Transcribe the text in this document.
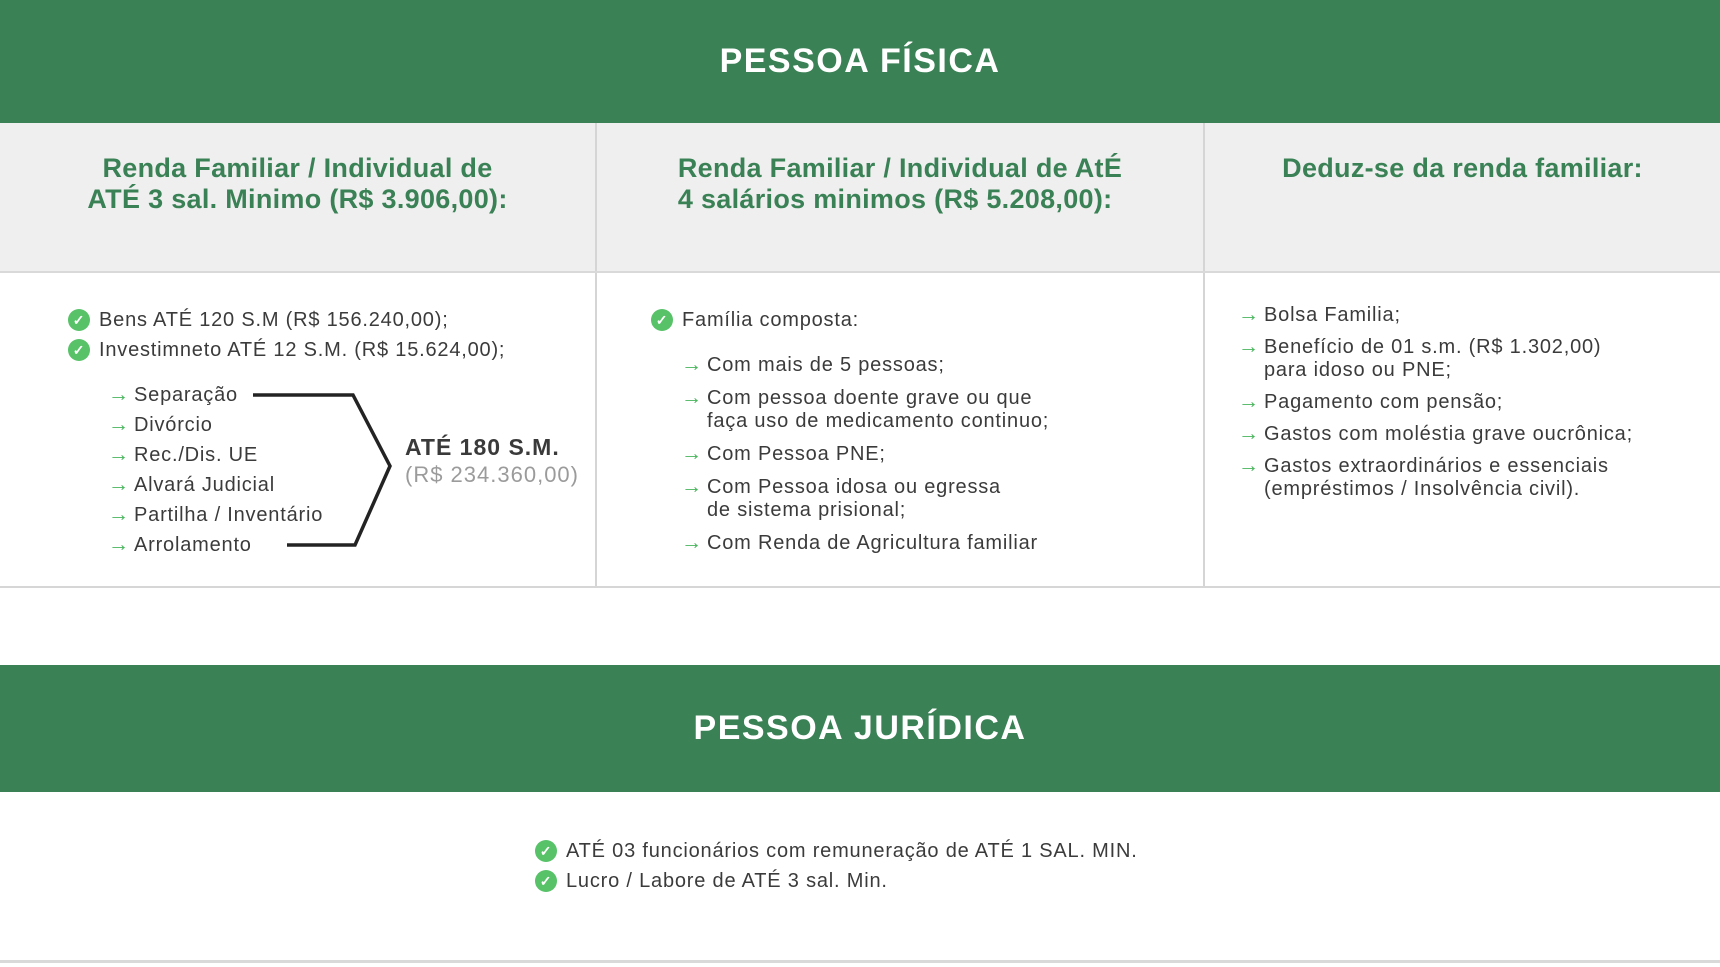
PESSOA FÍSICA
Renda Familiar / Individual de
ATÉ 3 sal. Minimo (R$ 3.906,00):
Renda Familiar / Individual de AtÉ
4 salários minimos (R$ 5.208,00):
Deduz-se da renda familiar:
✓ Bens ATÉ 120 S.M (R$ 156.240,00);
✓ Investimneto ATÉ 12 S.M. (R$ 15.624,00);
→ Separação
→ Divórcio
→ Rec./Dis. UE
→ Alvará Judicial
→ Partilha / Inventário
→ Arrolamento
✓ Família composta:
→ Com mais de 5 pessoas;
→ Com pessoa doente grave ou que
faça uso de medicamento continuo;
→ Com Pessoa PNE;
→ Com Pessoa idosa ou egressa
de sistema prisional;
→ Com Renda de Agricultura familiar
→ Bolsa Familia;
→ Benefício de 01 s.m. (R$ 1.302,00)
para idoso ou PNE;
→ Pagamento com pensão;
→ Gastos com moléstia grave oucrônica;
→ Gastos extraordinários e essenciais
(empréstimos / Insolvência civil).
ATÉ 180 S.M.
(R$ 234.360,00)
PESSOA JURÍDICA
✓ ATÉ 03 funcionários com remuneração de ATÉ 1 SAL. MIN.
✓ Lucro / Labore de ATÉ 3 sal. Min.
